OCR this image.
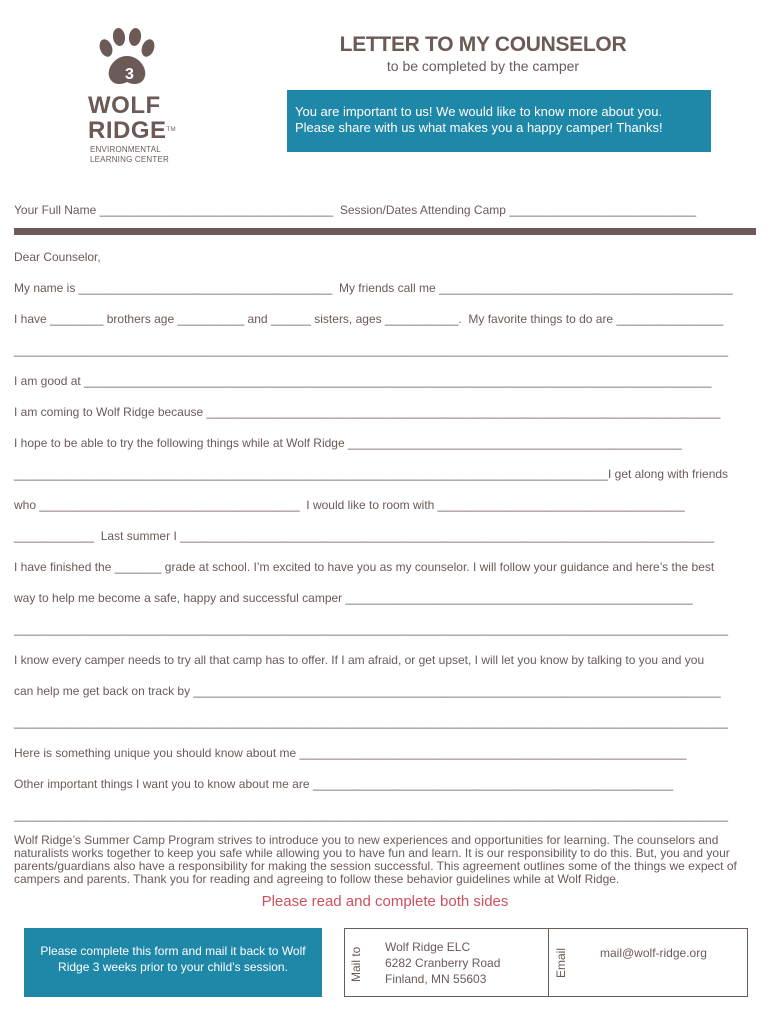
3
WOLF
RIDGE™
ENVIRONMENTAL
LEARNING CENTER
LETTER TO MY COUNSELOR
to be completed by the camper
You are important to us! We would like to know more about you. Please share with us what makes you a happy camper! Thanks!
Your Full Name ___________________________________  Session/Dates Attending Camp ____________________________
Dear Counselor,
My name is ______________________________________  My friends call me ____________________________________________
I have ________ brothers age __________ and ______ sisters, ages ___________.  My favorite things to do are ________________
___________________________________________________________________________________________________________
I am good at ______________________________________________________________________________________________
I am coming to Wolf Ridge because _____________________________________________________________________________
I hope to be able to try the following things while at Wolf Ridge __________________________________________________
_________________________________________________________________________________________I get along with friends
who _______________________________________  I would like to room with _____________________________________
____________  Last summer I ________________________________________________________________________________
I have finished the _______ grade at school. I’m excited to have you as my counselor. I will follow your guidance and here’s the best
way to help me become a safe, happy and successful camper ____________________________________________________
___________________________________________________________________________________________________________
I know every camper needs to try all that camp has to offer. If I am afraid, or get upset, I will let you know by talking to you and you
can help me get back on track by _______________________________________________________________________________
___________________________________________________________________________________________________________
Here is something unique you should know about me __________________________________________________________
Other important things I want you to know about me are ______________________________________________________
___________________________________________________________________________________________________________
Wolf Ridge’s Summer Camp Program strives to introduce you to new experiences and opportunities for learning. The counselors and naturalists works together to keep you safe while allowing you to have fun and learn. It is our responsibility to do this. But, you and your parents/guardians also have a responsibility for making the session successful. This agreement outlines some of the things we expect of campers and parents. Thank you for reading and agreeing to follow these behavior guidelines while at Wolf Ridge.
Please read and complete both sides
Please complete this form and mail it back to Wolf Ridge 3 weeks prior to your child’s session.	Mail to Wolf Ridge ELC
6282 Cranberry Road
Finland, MN 55603
Email	mail@wolf-ridge.org
